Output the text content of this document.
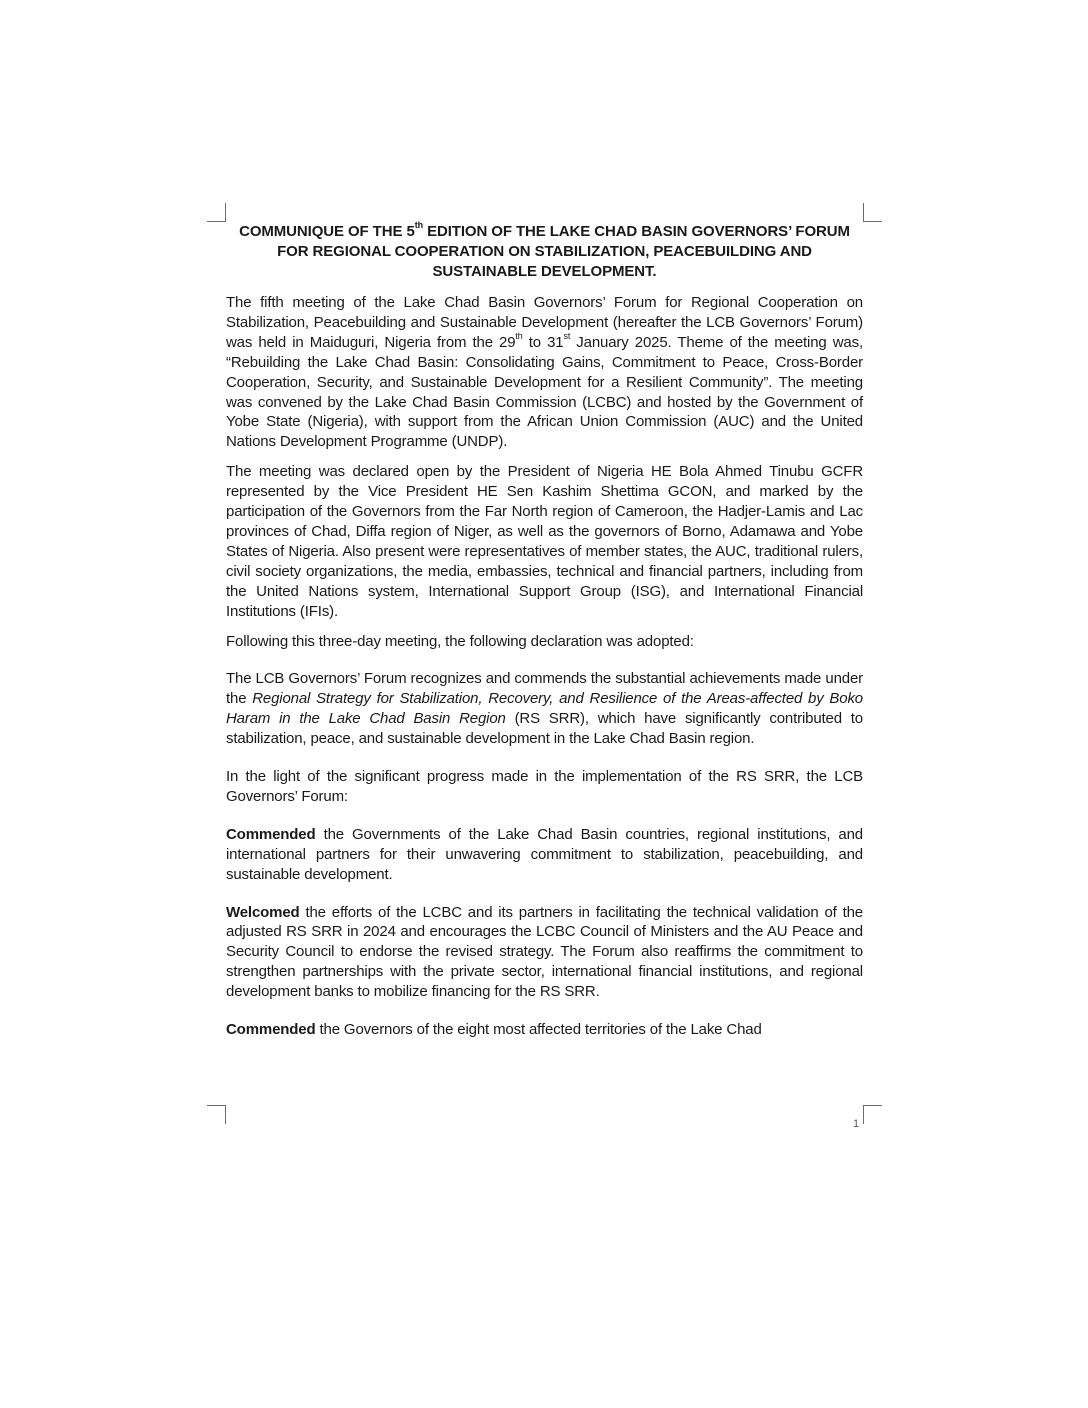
COMMUNIQUE OF THE 5th EDITION OF THE LAKE CHAD BASIN GOVERNORS’ FORUM FOR REGIONAL COOPERATION ON STABILIZATION, PEACEBUILDING AND SUSTAINABLE DEVELOPMENT.

The fifth meeting of the Lake Chad Basin Governors’ Forum for Regional Cooperation on Stabilization, Peacebuilding and Sustainable Development (hereafter the LCB Governors’ Forum) was held in Maiduguri, Nigeria from the 29th to 31st January 2025. Theme of the meeting was, “Rebuilding the Lake Chad Basin: Consolidating Gains, Commitment to Peace, Cross-Border Cooperation, Security, and Sustainable Development for a Resilient Community”. The meeting was convened by the Lake Chad Basin Commission (LCBC) and hosted by the Government of Yobe State (Nigeria), with support from the African Union Commission (AUC) and the United Nations Development Programme (UNDP).

The meeting was declared open by the President of Nigeria HE Bola Ahmed Tinubu GCFR represented by the Vice President HE Sen Kashim Shettima GCON, and marked by the participation of the Governors from the Far North region of Cameroon, the Hadjer-Lamis and Lac provinces of Chad, Diffa region of Niger, as well as the governors of Borno, Adamawa and Yobe States of Nigeria. Also present were representatives of member states, the AUC, traditional rulers, civil society organizations, the media, embassies, technical and financial partners, including from the United Nations system, International Support Group (ISG), and International Financial Institutions (IFIs).

Following this three-day meeting, the following declaration was adopted:

The LCB Governors’ Forum recognizes and commends the substantial achievements made under the Regional Strategy for Stabilization, Recovery, and Resilience of the Areas-affected by Boko Haram in the Lake Chad Basin Region (RS SRR), which have significantly contributed to stabilization, peace, and sustainable development in the Lake Chad Basin region.

In the light of the significant progress made in the implementation of the RS SRR, the LCB Governors’ Forum:

Commended the Governments of the Lake Chad Basin countries, regional institutions, and international partners for their unwavering commitment to stabilization, peacebuilding, and sustainable development.

Welcomed the efforts of the LCBC and its partners in facilitating the technical validation of the adjusted RS SRR in 2024 and encourages the LCBC Council of Ministers and the AU Peace and Security Council to endorse the revised strategy. The Forum also reaffirms the commitment to strengthen partnerships with the private sector, international financial institutions, and regional development banks to mobilize financing for the RS SRR.

Commended the Governors of the eight most affected territories of the Lake Chad

1
